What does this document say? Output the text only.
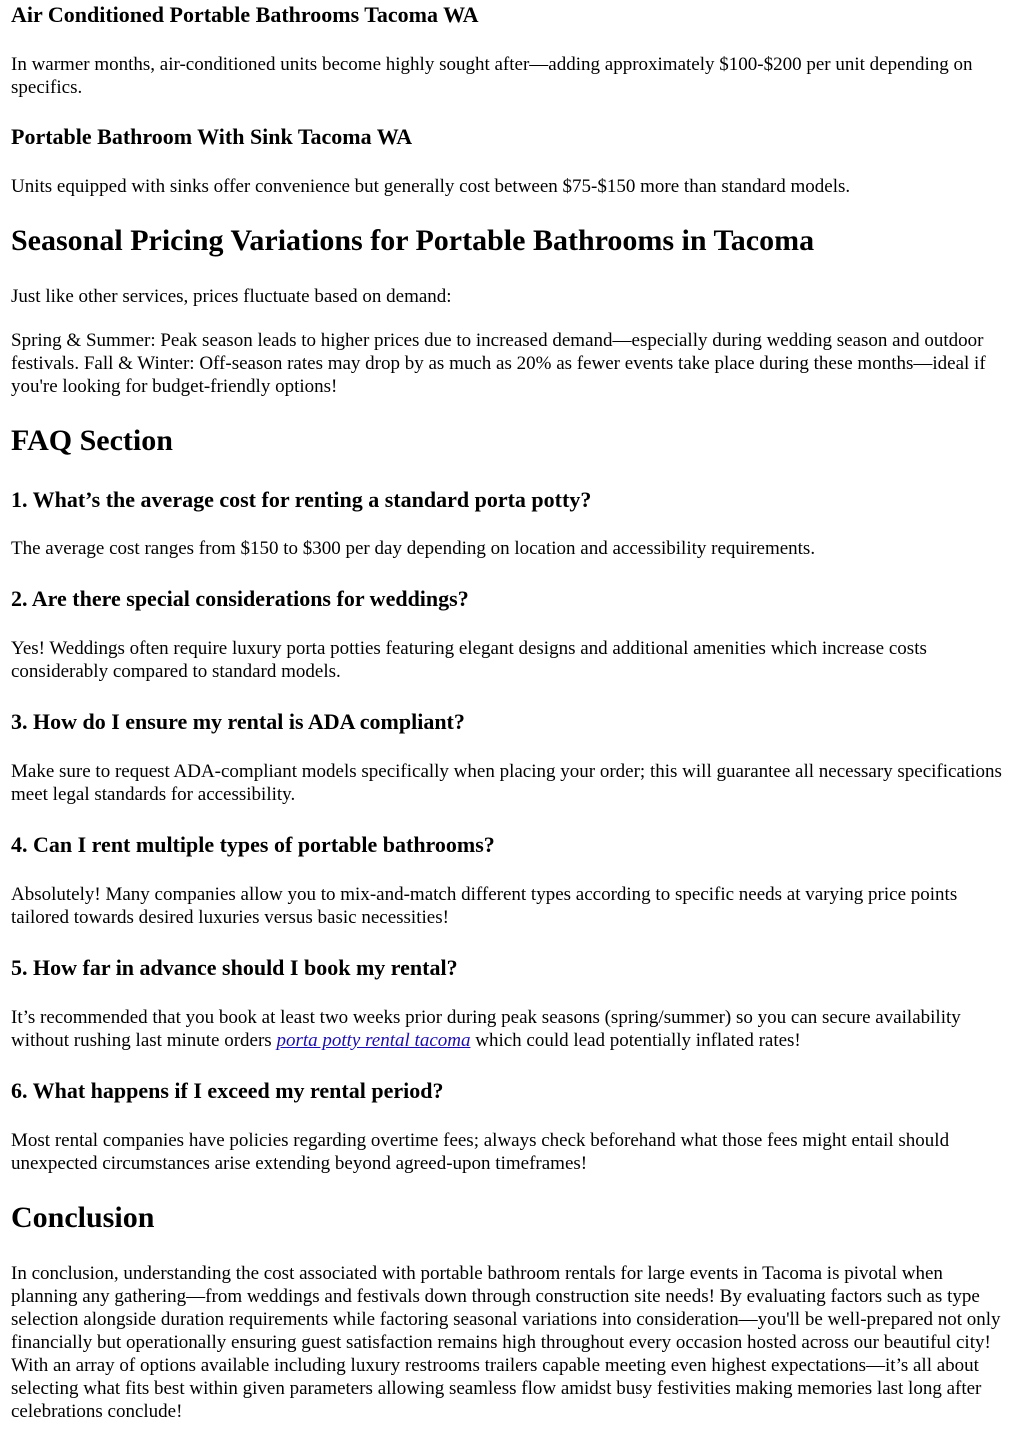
Air Conditioned Portable Bathrooms Tacoma WA

In warmer months, air-conditioned units become highly sought after—adding approximately $100-$200 per unit depending on specifics.

Portable Bathroom With Sink Tacoma WA

Units equipped with sinks offer convenience but generally cost between $75-$150 more than standard models.

Seasonal Pricing Variations for Portable Bathrooms in Tacoma

Just like other services, prices fluctuate based on demand:

Spring & Summer: Peak season leads to higher prices due to increased demand—especially during wedding season and outdoor festivals. Fall & Winter: Off-season rates may drop by as much as 20% as fewer events take place during these months—ideal if you're looking for budget-friendly options!

FAQ Section
1. What’s the average cost for renting a standard porta potty?

The average cost ranges from $150 to $300 per day depending on location and accessibility requirements.

2. Are there special considerations for weddings?

Yes! Weddings often require luxury porta potties featuring elegant designs and additional amenities which increase costs considerably compared to standard models.

3. How do I ensure my rental is ADA compliant?

Make sure to request ADA-compliant models specifically when placing your order; this will guarantee all necessary specifications meet legal standards for accessibility.

4. Can I rent multiple types of portable bathrooms?

Absolutely! Many companies allow you to mix-and-match different types according to specific needs at varying price points tailored towards desired luxuries versus basic necessities!

5. How far in advance should I book my rental?

It’s recommended that you book at least two weeks prior during peak seasons (spring/summer) so you can secure availability without rushing last minute orders porta potty rental tacoma which could lead potentially inflated rates!

6. What happens if I exceed my rental period?

Most rental companies have policies regarding overtime fees; always check beforehand what those fees might entail should unexpected circumstances arise extending beyond agreed-upon timeframes!

Conclusion

In conclusion, understanding the cost associated with portable bathroom rentals for large events in Tacoma is pivotal when planning any gathering—from weddings and festivals down through construction site needs! By evaluating factors such as type selection alongside duration requirements while factoring seasonal variations into consideration—you'll be well-prepared not only financially but operationally ensuring guest satisfaction remains high throughout every occasion hosted across our beautiful city! With an array of options available including luxury restrooms trailers capable meeting even highest expectations—it’s all about selecting what fits best within given parameters allowing seamless flow amidst busy festivities making memories last long after celebrations conclude!
